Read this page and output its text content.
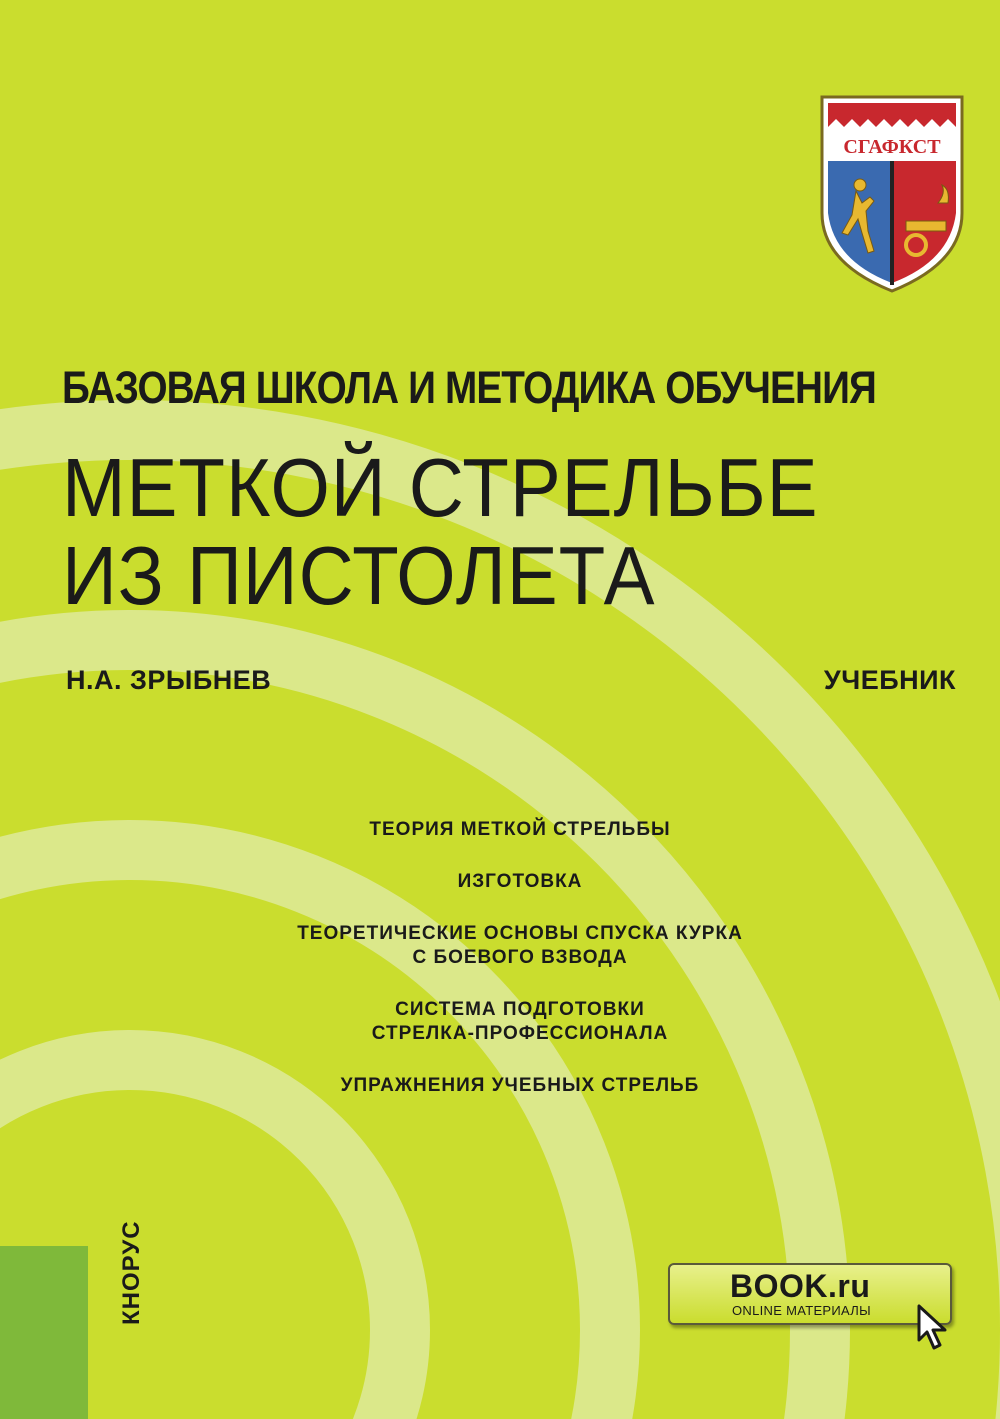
СГАФКСТ
БАЗОВАЯ ШКОЛА И МЕТОДИКА ОБУЧЕНИЯ
МЕТКОЙ СТРЕЛЬБЕ
ИЗ ПИСТОЛЕТА
Н.А. ЗРЫБНЕВ	УЧЕБНИК
ТЕОРИЯ МЕТКОЙ СТРЕЛЬБЫ
ИЗГОТОВКА
ТЕОРЕТИЧЕСКИЕ ОСНОВЫ СПУСКА КУРКА
С БОЕВОГО ВЗВОДА
СИСТЕМА ПОДГОТОВКИ
СТРЕЛКА-ПРОФЕССИОНАЛА
УПРАЖНЕНИЯ УЧЕБНЫХ СТРЕЛЬБ
КНОРУС	BOOK.ru
ONLINE МАТЕРИАЛЫ
